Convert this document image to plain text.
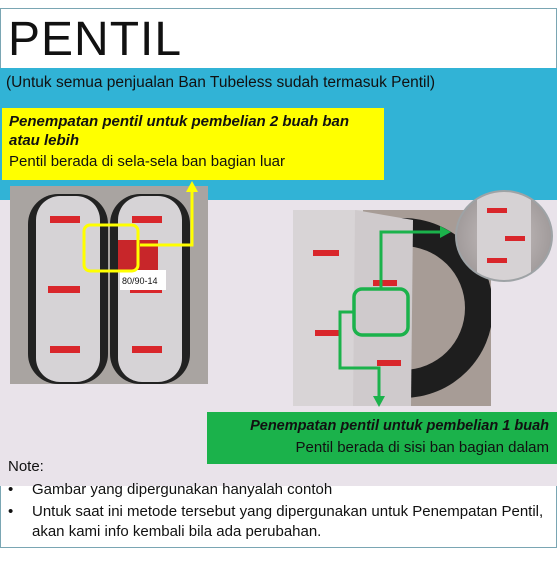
PENTIL
(Untuk semua penjualan Ban Tubeless sudah termasuk Pentil)
Penempatan pentil untuk pembelian 2 buah ban atau lebih
Pentil berada di sela-sela ban bagian luar
80/90-14
Penempatan pentil untuk pembelian 1 buah
Pentil berada di sisi ban bagian dalam
Note:
• Gambar yang dipergunakan hanyalah contoh
• Untuk saat ini metode tersebut yang dipergunakan untuk Penempatan Pentil, akan kami info kembali bila ada perubahan.
